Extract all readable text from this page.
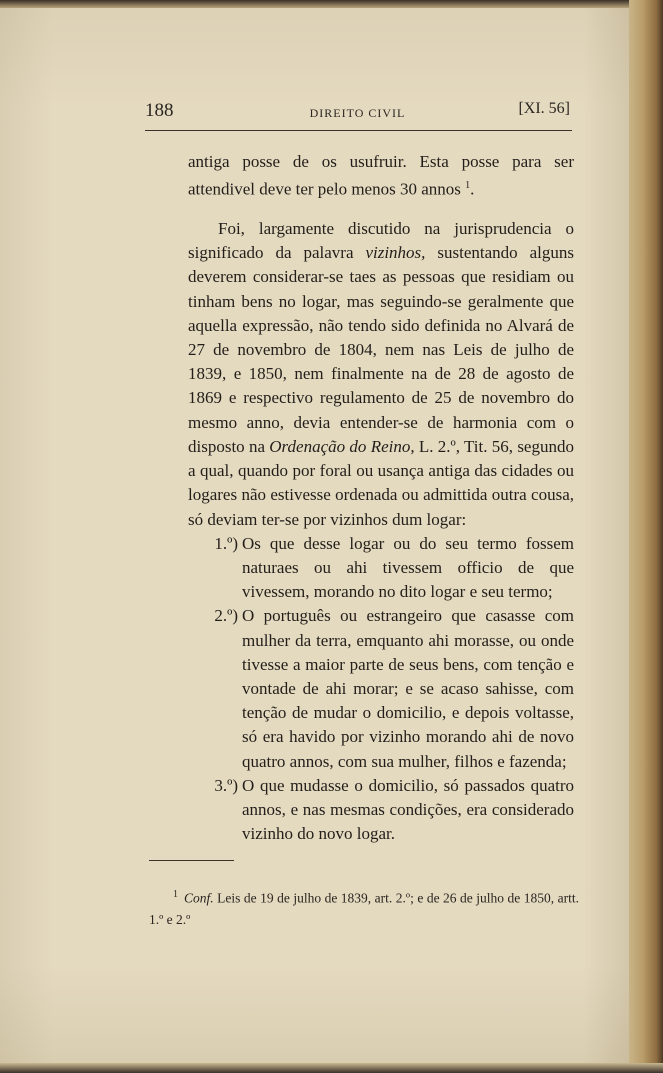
188	DIREITO CIVIL	[XI. 56]

antiga posse de os usufruir. Esta posse para ser attendivel deve ter pelo menos 30 annos $^1$.

Foi, largamente discutido na jurisprudencia o significado da palavra vizinhos, sustentando alguns deverem considerar-se taes as pessoas que residiam ou tinham bens no logar, mas seguindo-se geralmente que aquella expressão, não tendo sido definida no Alvará de 27 de novembro de 1804, nem nas Leis de julho de 1839, e 1850, nem finalmente na de 28 de agosto de 1869 e respectivo regulamento de 25 de novembro do mesmo anno, devia entender-se de harmonia com o disposto na Ordenação do Reino, L. 2.º, Tit. 56, segundo a qual, quando por foral ou usança antiga das cidades ou logares não estivesse ordenada ou admittida outra cousa, só deviam ter-se por vizinhos dum logar:

1.º) Os que desse logar ou do seu termo fossem naturaes ou ahi tivessem officio de que vivessem, morando no dito logar e seu termo;
2.º) O português ou estrangeiro que casasse com mulher da terra, emquanto ahi morasse, ou onde tivesse a maior parte de seus bens, com tenção e vontade de ahi morar; e se acaso sahisse, com tenção de mudar o domicilio, e depois voltasse, só era havido por vizinho morando ahi de novo quatro annos, com sua mulher, filhos e fazenda;
3.º) O que mudasse o domicilio, só passados quatro annos, e nas mesmas condições, era considerado vizinho do novo logar.
$^1$ Conf. Leis de 19 de julho de 1839, art. 2.º; e de 26 de julho de 1850, artt. 1.º e 2.º
